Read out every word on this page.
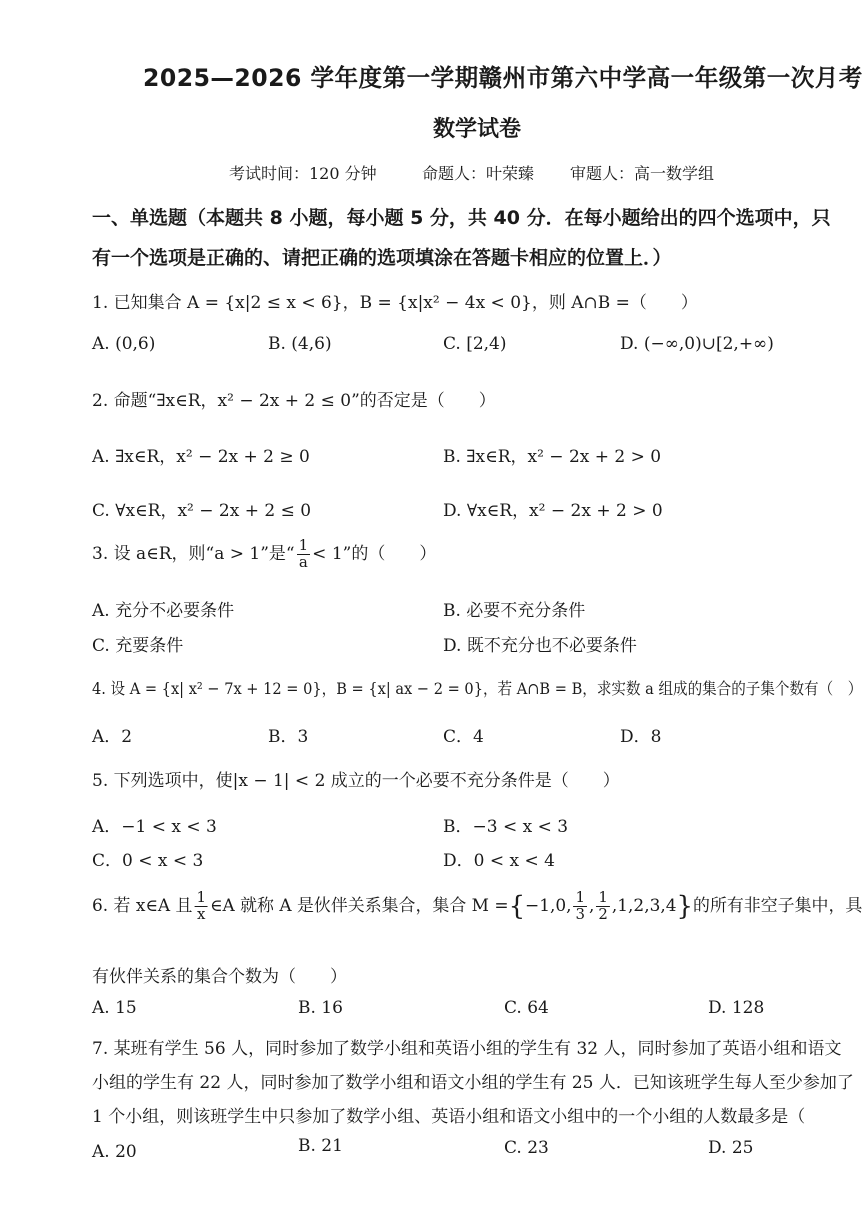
2025—2026 学年度第一学期赣州市第六中学高一年级第一次月考
数学试卷
考试时间：120 分钟	命题人：叶荣臻 审题人：高一数学组
一、单选题（本题共 8 小题，每小题 5 分，共 40 分．在每小题给出的四个选项中，只
有一个选项是正确的、请把正确的选项填涂在答题卡相应的位置上．）
1. 已知集合 A = {x|2 ≤ x < 6}，B = {x|x² − 4x < 0}，则 A∩B =（　　）
A. (0,6)	B. (4,6)	C. [2,4)	D. (−∞,0)∪[2,+∞)
2. 命题“∃x∈R，x² − 2x + 2 ≤ 0”的否定是（　　）
A. ∃x∈R，x² − 2x + 2 ≥ 0	B. ∃x∈R，x² − 2x + 2 > 0
C. ∀x∈R，x² − 2x + 2 ≤ 0	D. ∀x∈R，x² − 2x + 2 > 0
3. 设 a∈R，则“a > 1”是“ $\frac{1}{a} < 1$”的（　　）
A. 充分不必要条件	B. 必要不充分条件
C. 充要条件	D. 既不充分也不必要条件
4. 设 A = {x| x² − 7x + 12 = 0}，B = {x| ax − 2 = 0}，若 A∩B = B，求实数 a 组成的集合的子集个数有（　）
A．2	B．3	C．4	D．8
5. 下列选项中，使|x − 1| < 2 成立的一个必要不充分条件是（　　）
A．−1 < x < 3	B．−3 < x < 3
C．0 < x < 3	D．0 < x < 4
6. 若 x∈A 且 $\frac{1}{x}$ ∈A 就称 A 是伙伴关系集合，集合 M ={−1,0, $\frac{1}{3}$ , $\frac{1}{2} ,1,2,3,4$}的所有非空子集中，具
有伙伴关系的集合个数为（　　）
A. 15	B. 16	C. 64	D. 128
7. 某班有学生 56 人，同时参加了数学小组和英语小组的学生有 32 人，同时参加了英语小组和语文
小组的学生有 22 人，同时参加了数学小组和语文小组的学生有 25 人．已知该班学生每人至少参加了
1 个小组，则该班学生中只参加了数学小组、英语小组和语文小组中的一个小组的人数最多是（
A. 20	B. 21	C. 23	D. 25
